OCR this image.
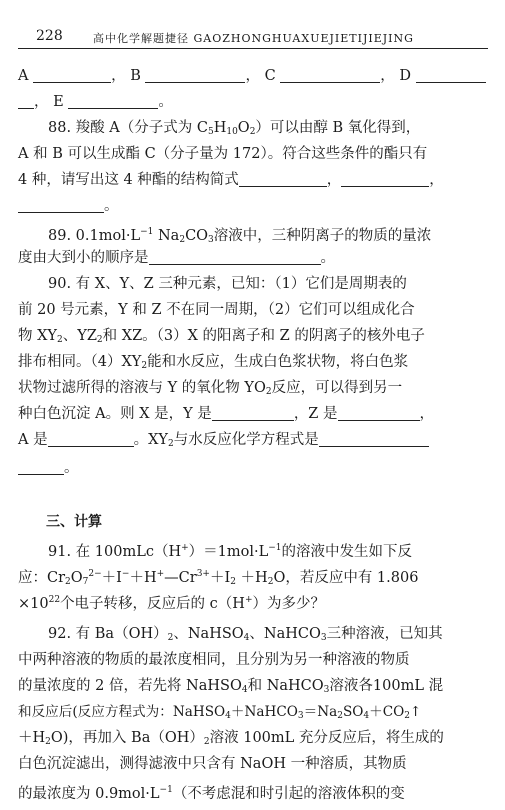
228	高中化学解题捷径 GAOZHONGHUAXUEJIETIJIEJING
A	， B	， C	， D
， E	。
88. 羧酸 A（分子式为 $C_5H_{10}O_2$）可以由醇 B 氧化得到，
A 和 B 可以生成酯 C（分子量为 172）。符合这些条件的酯只有
4 种，请写出这 4 种酯的结构简式	，	，
。
89. $0.1mol\cdot L^{-1}$ $Na_2CO_3$溶液中，三种阴离子的物质的量浓
度由大到小的顺序是	。
90. 有 X、Y、Z 三种元素，已知：（1）它们是周期表的
前 20 号元素，Y 和 Z 不在同一周期，（2）它们可以组成化合
物 $XY_2$、$YZ_2$和 XZ。（3）X 的阳离子和 Z 的阴离子的核外电子
排布相同。$(4)XY_2$能和水反应，生成白色浆状物，将白色浆
状物过滤所得的溶液与 Y 的氧化物 $YO_2$反应，可以得到另一
种白色沉淀 A。则 X 是，Y 是	，Z 是	，
A 是	。$XY_2$与水反应化学方程式是
。
三、计算
91. 在 $100mLc(H^+)=1mol\cdot L^{-1}$的溶液中发生如下反
应：$Cr_2O_7^{2-}+I^-+H^+—Cr^{3+}+I_2 +H_2O$，若反应中有 1.806
$\times 10^{22}$个电子转移，反应后的 c（H+）为多少？
92. 有 $Ba(OH)_2$、NaHSO$_4$、NaHCO$_3$三种溶液，已知其
中两种溶液的物质的最浓度相同，且分别为另一种溶液的物质
的量浓度的 2 倍，若先将 NaHSO$_4$和 NaHCO$_3$溶液各100mL 混
和反应后(反应方程式为：$NaHSO_4+NaHCO_3=Na_2SO_4+CO_2↑$
$+H_2O$)，再加入 $Ba(OH)_2$溶液 100mL 充分反应后，将生成的
白色沉淀滤出，测得滤液中只含有 NaOH 一种溶质，其物质
的最浓度为 $0.9mol\cdot L^{-1}$（不考虑混和时引起的溶液体积的变
